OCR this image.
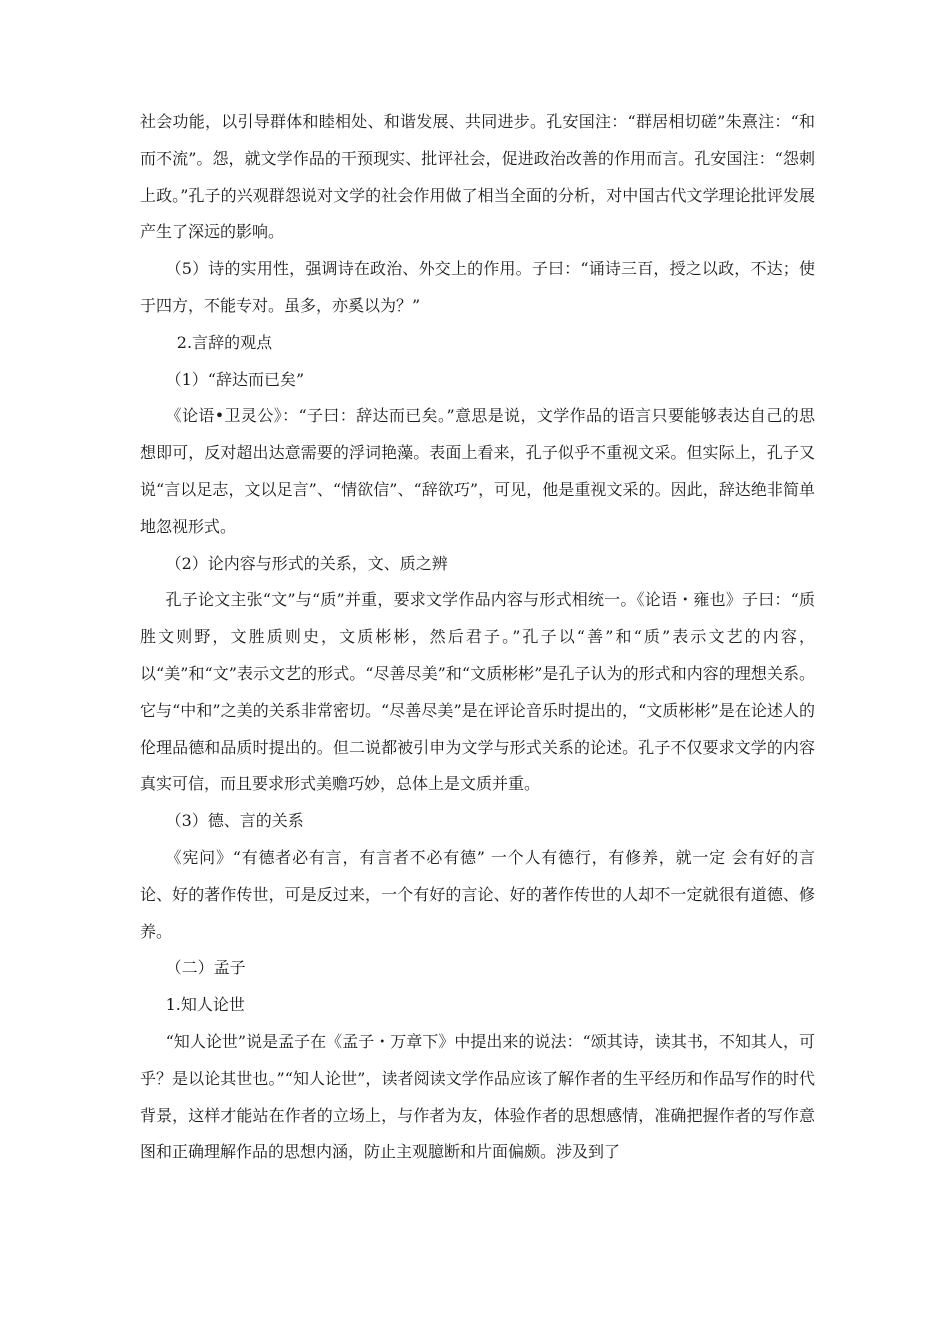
社会功能，以引导群体和睦相处、和谐发展、共同进步。孔安国注：“群居相切磋”朱熹注：“和而不流”。怨，就文学作品的干预现实、批评社会，促进政治改善的作用而言。孔安国注：“怨刺上政。”孔子的兴观群怨说对文学的社会作用做了相当全面的分析，对中国古代文学理论批评发展产生了深远的影响。

（5）诗的实用性，强调诗在政治、外交上的作用。子曰：“诵诗三百，授之以政，不达；使于四方，不能专对。虽多，亦奚以为？”

2.言辞的观点

（1）“辞达而已矣”

《论语•卫灵公》：“子曰：辞达而已矣。”意思是说，文学作品的语言只要能够表达自己的思想即可，反对超出达意需要的浮词艳藻。表面上看来，孔子似乎不重视文采。但实际上，孔子又说“言以足志，文以足言”、“情欲信”、“辞欲巧”，可见，他是重视文采的。因此，辞达绝非简单地忽视形式。

（2）论内容与形式的关系，文、质之辨

孔子论文主张“文”与“质”并重，要求文学作品内容与形式相统一。《论语・雍也》子曰：“质胜文则野，文胜质则史，文质彬彬，然后君子。”孔子以“善”和“质”表示文艺的内容，以“美”和“文”表示文艺的形式。“尽善尽美”和“文质彬彬”是孔子认为的形式和内容的理想关系。它与“中和”之美的关系非常密切。“尽善尽美”是在评论音乐时提出的，“文质彬彬”是在论述人的伦理品德和品质时提出的。但二说都被引申为文学与形式关系的论述。孔子不仅要求文学的内容真实可信，而且要求形式美赡巧妙，总体上是文质并重。

（3）德、言的关系

《宪问》“有德者必有言，有言者不必有德” 一个人有德行，有修养，就一定 会有好的言论、好的著作传世，可是反过来，一个有好的言论、好的著作传世的人却不一定就很有道德、修养。

（二）孟子

1.知人论世

“知人论世”说是孟子在《孟子・万章下》中提出来的说法：“颂其诗，读其书，不知其人，可乎？是以论其世也。”“知人论世”，读者阅读文学作品应该了解作者的生平经历和作品写作的时代背景，这样才能站在作者的立场上，与作者为友，体验作者的思想感情，准确把握作者的写作意图和正确理解作品的思想内涵，防止主观臆断和片面偏颇。涉及到了
